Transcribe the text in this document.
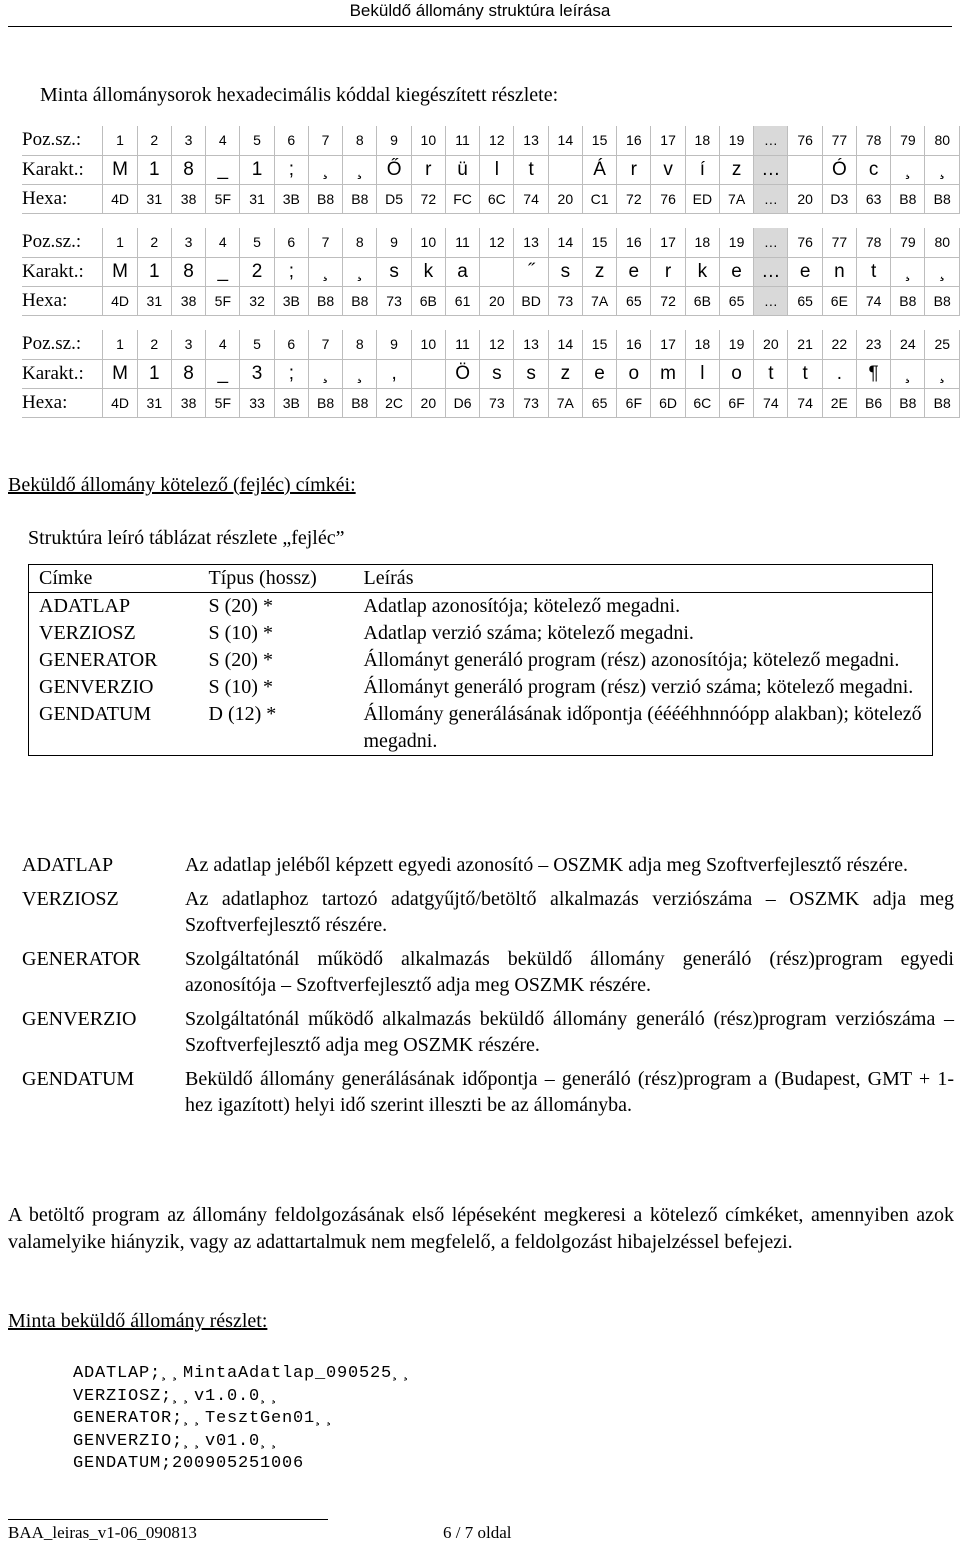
Beküldő állomány struktúra leírása
Minta állománysorok hexadecimális kóddal kiegészített részlete:
Poz.sz.:	1	2	3	4	5	6	7	8	9	10	11	12	13	14	15	16	17	18	19	…	76	77	78	79	80
Karakt.:	M	1	8	_	1	;	¸	¸	Ő	r	ü	l	t		Á	r	v	í	z	…		Ó	c	¸	¸
Hexa:	4D	31	38	5F	31	3B	B8	B8	D5	72	FC	6C	74	20	C1	72	76	ED	7A	…	20	D3	63	B8	B8
Poz.sz.:	1	2	3	4	5	6	7	8	9	10	11	12	13	14	15	16	17	18	19	…	76	77	78	79	80
Karakt.:	M	1	8	_	2	;	¸	¸	s	k	a		˝	s	z	e	r	k	e	…	e	n	t	¸	¸
Hexa:	4D	31	38	5F	32	3B	B8	B8	73	6B	61	20	BD	73	7A	65	72	6B	65	…	65	6E	74	B8	B8
Poz.sz.:	1	2	3	4	5	6	7	8	9	10	11	12	13	14	15	16	17	18	19	20	21	22	23	24	25
Karakt.:	M	1	8	_	3	;	¸	¸	,		Ö	s	s	z	e	o	m	l	o	t	t	.	¶	¸	¸
Hexa:	4D	31	38	5F	33	3B	B8	B8	2C	20	D6	73	73	7A	65	6F	6D	6C	6F	74	74	2E	B6	B8	B8
Beküldő állomány kötelező (fejléc) címkéi:
Struktúra leíró táblázat részlete „fejléc”
Címke	Típus (hossz)	Leírás
ADATLAP	S (20) *	Adatlap azonosítója; kötelező megadni.
VERZIOSZ	S (10) *	Adatlap verzió száma; kötelező megadni.
GENERATOR	S (20) *	Állományt generáló program (rész) azonosítója; kötelező megadni.
GENVERZIO	S (10) *	Állományt generáló program (rész) verzió száma; kötelező megadni.
GENDATUM	D (12) *	Állomány generálásának időpontja (ééééhhnnóópp alakban); kötelező megadni.
ADATLAP	Az adatlap jeléből képzett egyedi azonosító – OSZMK adja meg Szoftverfejlesztő részére.
VERZIOSZ	Az adatlaphoz tartozó adatgyűjtő/betöltő alkalmazás verziószáma – OSZMK adja meg Szoftverfejlesztő részére.
GENERATOR	Szolgáltatónál működő alkalmazás beküldő állomány generáló (rész)program egyedi azonosítója – Szoftverfejlesztő adja meg OSZMK részére.
GENVERZIO	Szolgáltatónál működő alkalmazás beküldő állomány generáló (rész)program verziószáma – Szoftverfejlesztő adja meg OSZMK részére.
GENDATUM	Beküldő állomány generálásának időpontja – generáló (rész)program a (Budapest, GMT + 1-hez igazított) helyi idő szerint illeszti be az állományba.
A betöltő program az állomány feldolgozásának első lépéseként megkeresi a kötelező címkéket, amennyiben azok valamelyike hiányzik, vagy az adattartalmuk nem megfelelő, a feldolgozást hibajelzéssel befejezi.
Minta beküldő állomány részlet:
ADATLAP;¸¸MintaAdatlap_090525¸¸
VERZIOSZ;¸¸v1.0.0¸¸
GENERATOR;¸¸TesztGen01¸¸
GENVERZIO;¸¸v01.0¸¸
GENDATUM;200905251006
BAA_leiras_v1-06_090813	6 / 7 oldal
